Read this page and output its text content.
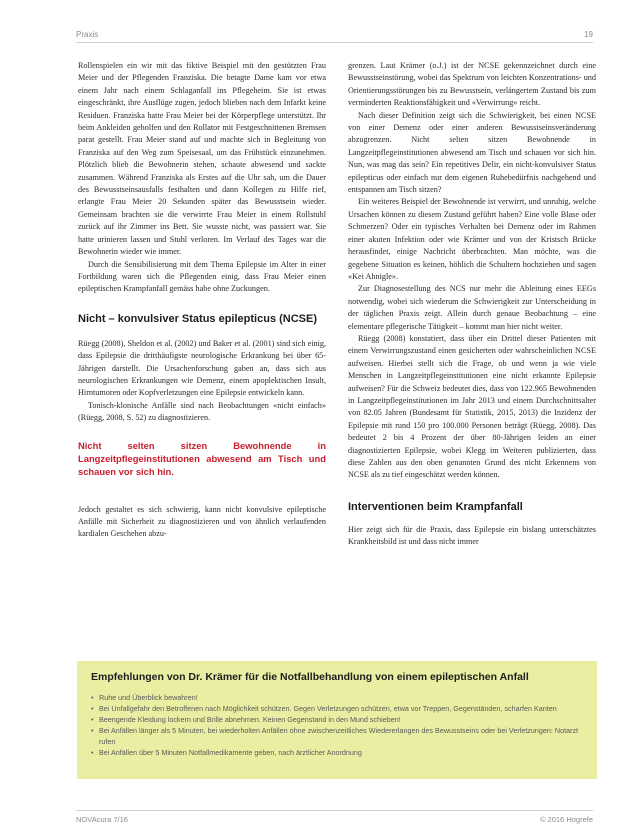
Praxis	19

Rollenspielen ein wir mit das fiktive Beispiel mit den gestützten Frau Meier und der Pflegenden Franziska. Die betagte Dame kam vor etwa einem Jahr nach einem Schlaganfall ins Pflegeheim. Sie ist etwas eingeschränkt, ihre Ausflüge zugen, jedoch blieben nach dem Infarkt keine Residuen. Franziska hatte Frau Meier bei der Körperpflege unterstützt. Ihr beim Ankleiden geholfen und den Rollator mit Festgeschnittenen Bremsen parat gestellt. Frau Meier stand auf und machte sich in Begleitung von Franziska auf den Weg zum Speisesaal, um das Frühstück einzunehmen. Plötzlich blieb die Bewohnerin stehen, schaute abwesend und sackte zusammen. Während Franziska als Erstes auf die Uhr sah, um die Dauer des Bewusstseinsausfalls festhalten und dann Kollegen zu Hilfe rief, erlangte Frau Meier 20 Sekunden später das Bewusstsein wieder. Gemeinsam brachten sie die verwirrte Frau Meier in einem Rollstuhl zurück auf ihr Zimmer ins Bett. Sie wusste nicht, was passiert war. Sie hatte urinieren lassen und Stuhl verloren. Im Verlauf des Tages war die Bewohnerin wieder wie immer.

Durch die Sensibilisierung mit dem Thema Epilepsie im Alter in einer Fortbildung waren sich die Pflegenden einig, dass Frau Meier einen epileptischen Krampfanfall gemäss habe ohne Zuckungen.

Nicht – konvulsiver Status epilepticus (NCSE)

Rüegg (2008), Sheldon et al. (2002) und Baker et al. (2001) sind sich einig, dass Epilepsie die dritthäufigste neurologische Erkrankung bei über 65-Jährigen darstellt. Die Ursachenforschung gaben an, dass sich aus neurologischen Erkrankungen wie Demenz, einem apoplektischen Insult, Hirntumoren oder Kopfverletzungen eine Epilepsie entwickeln kann.

Tonisch-klonische Anfälle sind nach Beobachtungen «nicht einfach» (Rüegg, 2008, S. 52) zu diagnostizieren.

Nicht selten sitzen Bewohnende in Langzeitpflegeinstitutionen abwesend am Tisch und schauen vor sich hin.

Jedoch gestaltet es sich schwierig, kann nicht konvulsive epileptische Anfälle mit Sicherheit zu diagnostizieren und von ähnlich verlaufenden kardialen Geschehen abzu-

grenzen. Laut Krämer (o.J.) ist der NCSE gekennzeichnet durch eine Bewusstseinstörung, wobei das Spektrum von leichten Konzentrations- und Orientierungsstörungen bis zu Bewusstsein, verlängertem Zustand bis zum verminderten Reaktionsfähigkeit und «Verwirrung» reicht.

Nach dieser Definition zeigt sich die Schwierigkeit, bei einen NCSE von einer Demenz oder einer anderen Bewusstseinsveränderung abzugrenzen. Nicht selten sitzen Bewohnende in Langzeitpflegeinstitutionen abwesend am Tisch und schauen vor sich hin. Nun, was mag das sein? Ein repetitives Delir, ein nicht-konvulsiver Status epilepticus oder einfach nur dem eigenen Ruhebedürfnis nachgehend und entspannen am Tisch sitzen?

Ein weiteres Beispiel der Bewohnende ist verwirrt, und unruhig, welche Ursachen können zu diesem Zustand geführt haben? Eine volle Blase oder Schmerzen? Oder ein typisches Verhalten bei Demenz oder im Rahmen einer akuten Infektion oder wie Krämer und von der Kristsch Brücke herausfindet, einige Nachricht überbrachten. Man möchte, was die gegebene Situation es keinen, höhlich die Schultern hochziehen und sagen «Kei Ahnigle».

Zur Diagnosestellung des NCS nur mehr die Ableitung eines EEGs notwendig, wobei sich wiederum die Schwierigkeit zur Unterscheidung in der täglichen Praxis zeigt. Allein durch genaue Beobachtung – eine elementare pflegerische Tätigkeit – kommt man hier nicht weiter.

Rüegg (2008) konstatiert, dass über ein Drittel dieser Patienten mit einem Verwirrungszustand einen gesicherten oder wahrscheinlichen NCSE aufweisen. Hierbei stellt sich die Frage, ob und wenn ja wie viele Menschen in Langzeitpflegeinstitutionen eine nicht erkannte Epilepsie aufweisen? Für die Schweiz bedeutet dies, dass von 122.965 Bewohnenden in Langzeitpflegeinstitutionen im Jahr 2013 und einem Durchschnittsalter von 82.05 Jahren (Bundesamt für Statistik, 2015, 2013) die Inzidenz der Epilepsie mit rund 150 pro 100.000 Personen beträgt (Rüegg, 2008). Das bedeutet 2 bis 4 Prozent der über 80-Jährigen leiden an einer diagnostizierten Epilepsie, wobei Klegg im Weiteren publizierten, dass diese Zahlen aus den oben genannten Grund des nicht Erkennens von NCSE als zu tief eingeschätzt werden können.

Interventionen beim Krampfanfall

Hier zeigt sich für die Praxis, dass Epilepsie ein bislang unterschätztes Krankheitsbild ist und dass nicht immer

Empfehlungen von Dr. Krämer für die Notfallbehandlung von einem epileptischen Anfall
• Ruhe und Überblick bewahren!
• Bei Unfallgefahr den Betroffenen nach Möglichkeit schützen. Gegen Verletzungen schützen, etwa vor Treppen, Gegenständen, scharfen Kanten
• Beengende Kleidung lockern und Brille abnehmen. Keinen Gegenstand in den Mund schieben!
• Bei Anfällen länger als 5 Minuten, bei wiederholten Anfällen ohne zwischenzeitliches Wiedererlangen des Bewusstseins oder bei Verletzungen: Notarzt rufen
• Bei Anfällen über 5 Minuten Notfallmedikamente geben, nach ärztlicher Anordnung
NOVAcura 7/16	© 2016 Hogrefe
